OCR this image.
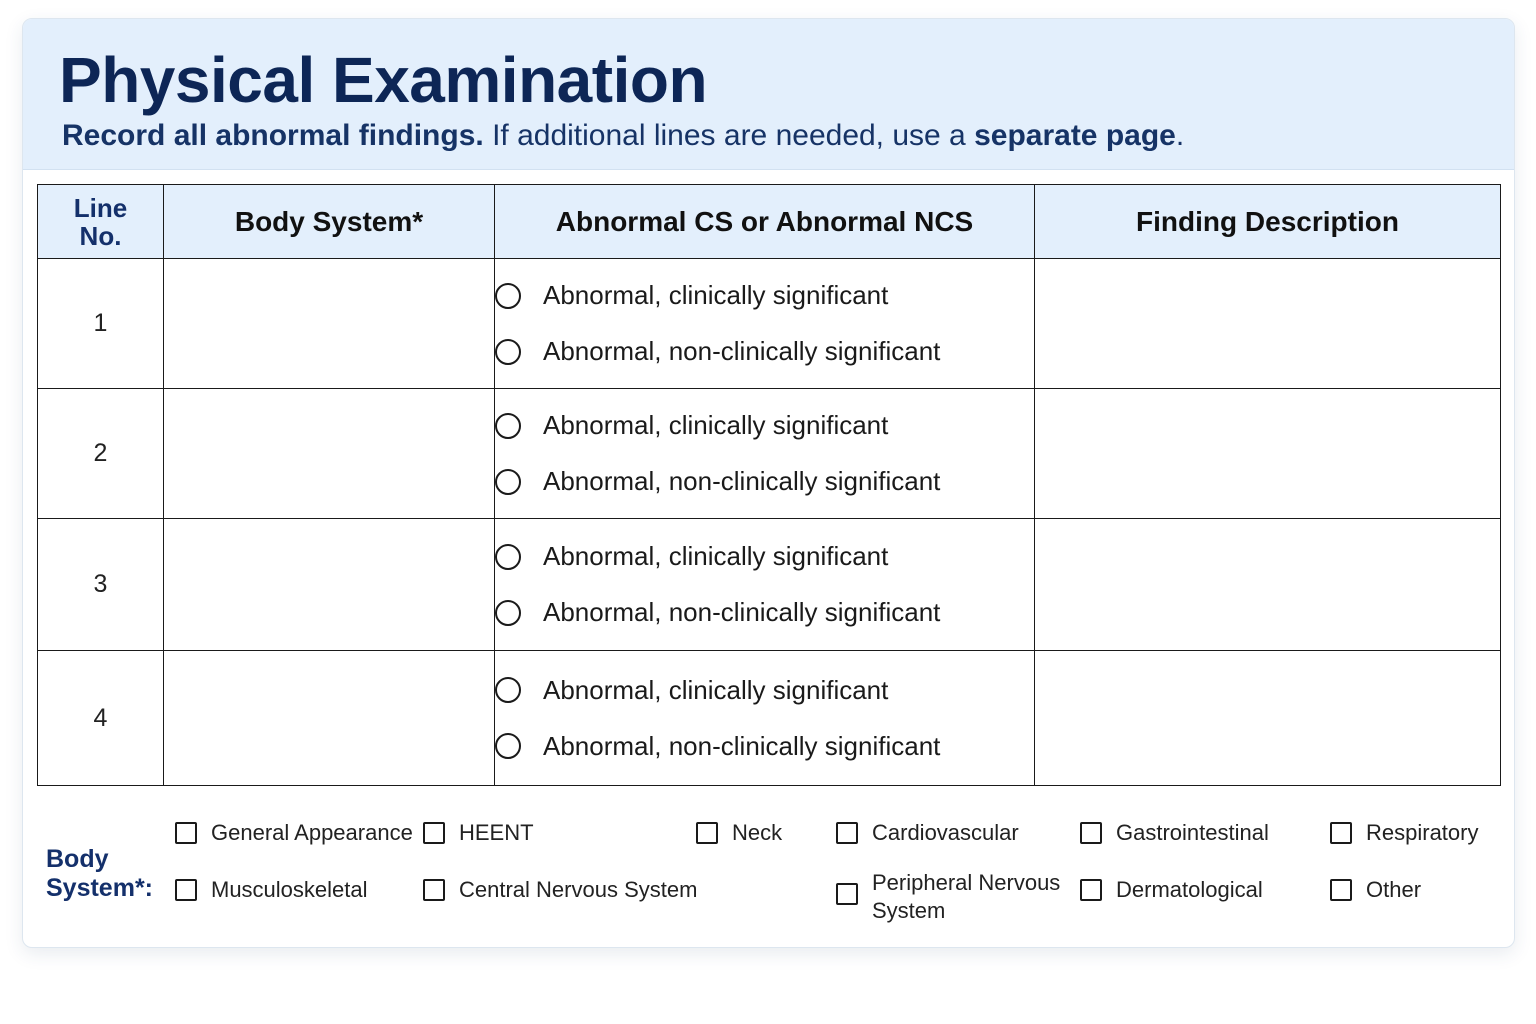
Physical Examination
Record all abnormal findings. If additional lines are needed, use a separate page.
Line
No.	Body System*	Abnormal CS or Abnormal NCS	Finding Description
1		Abnormal, clinically significant
Abnormal, non-clinically significant	

2		Abnormal, clinically significant
Abnormal, non-clinically significant	

3		Abnormal, clinically significant
Abnormal, non-clinically significant	

4		Abnormal, clinically significant
Abnormal, non-clinically significant	

Body
System*:
General Appearance HEENT	Neck	Cardiovascular	Gastrointestinal	Respiratory
Musculoskeletal	Central Nervous System	Peripheral Nervous
System
Dermatological	Other
